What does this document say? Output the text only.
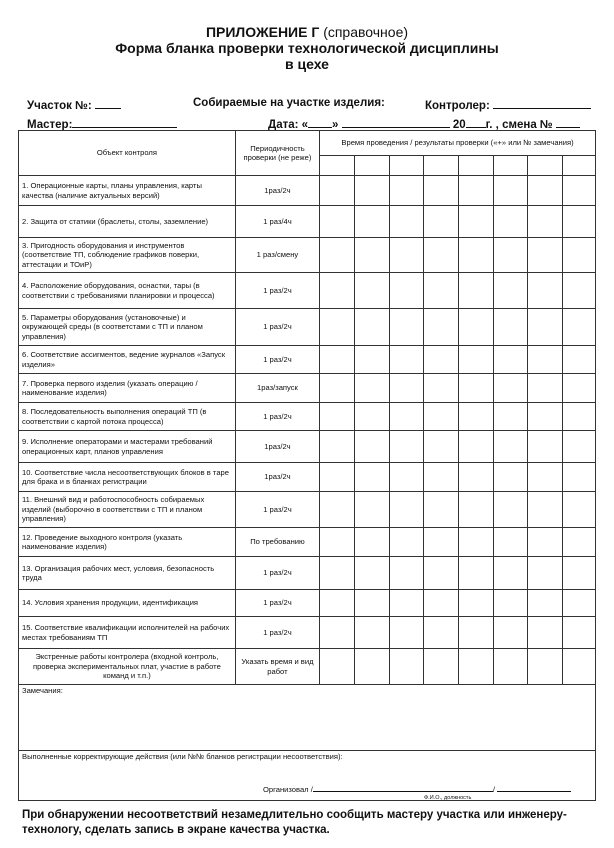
ПРИЛОЖЕНИЕ Г (справочное)
Форма бланка проверки технологической дисциплины
в цехе
Участок №:	Собираемые на участке изделия:	Контролер:
Мастер:	Дата: « »	20 г. , смена №
Объект контроля	Периодичность проверки (не реже)	Время проведения / результаты проверки («+» или № замечания)							

1. Операционные карты, планы управления, карты качества (наличие актуальных версий)	1раз/2ч								
2. Защита от статики (браслеты, столы, заземление)	1 раз/4ч								
3. Пригодность оборудования и инструментов (соответствие ТП, соблюдение графиков поверки, аттестации и ТОиР)	1 раз/смену								
4. Расположение оборудования, оснастки, тары (в соответствии с требованиями планировки и процесса)	1 раз/2ч								
5. Параметры оборудования (установочные) и окружающей среды (в соответстами с ТП и планом управления)	1 раз/2ч								
6. Соответствие ассигментов, ведение журналов «Запуск изделия»	1 раз/2ч								
7. Проверка первого изделия (указать операцию / наименование изделия)	1раз/запуск								
8. Последовательность выполнения операций ТП (в соответствии с картой потока процесса)	1 раз/2ч								
9. Исполнение операторами и мастерами требований операционных карт, планов управления	1раз/2ч								
10. Соответствие числа несоответствующих блоков в таре для брака и в бланках регистрации	1раз/2ч								
11. Внешний вид и работоспособность собираемых изделий (выборочно в соответствии с ТП и планом управления)	1 раз/2ч								
12. Проведение выходного контроля (указать наименование изделия)	По требованию								
13. Организация рабочих мест, условия, безопасность труда	1 раз/2ч								
14. Условия хранения продукции, идентификация	1 раз/2ч								
15. Соответствие квалификации исполнителей на рабочих местах требованиям ТП	1 раз/2ч								
Экстренные работы контролера (входной контроль, проверка экспериментальных плат, участие в работе команд и т.п.)	Указать время и вид работ								
Замечания:
Выполненные корректирующие действия (или №№ бланков регистрации несоответствия):
Организовал /	/
Ф.И.О., должность
При обнаружении несоответствий незамедлительно сообщить мастеру участка или инженеру-технологу, сделать запись в экране качества участка.
